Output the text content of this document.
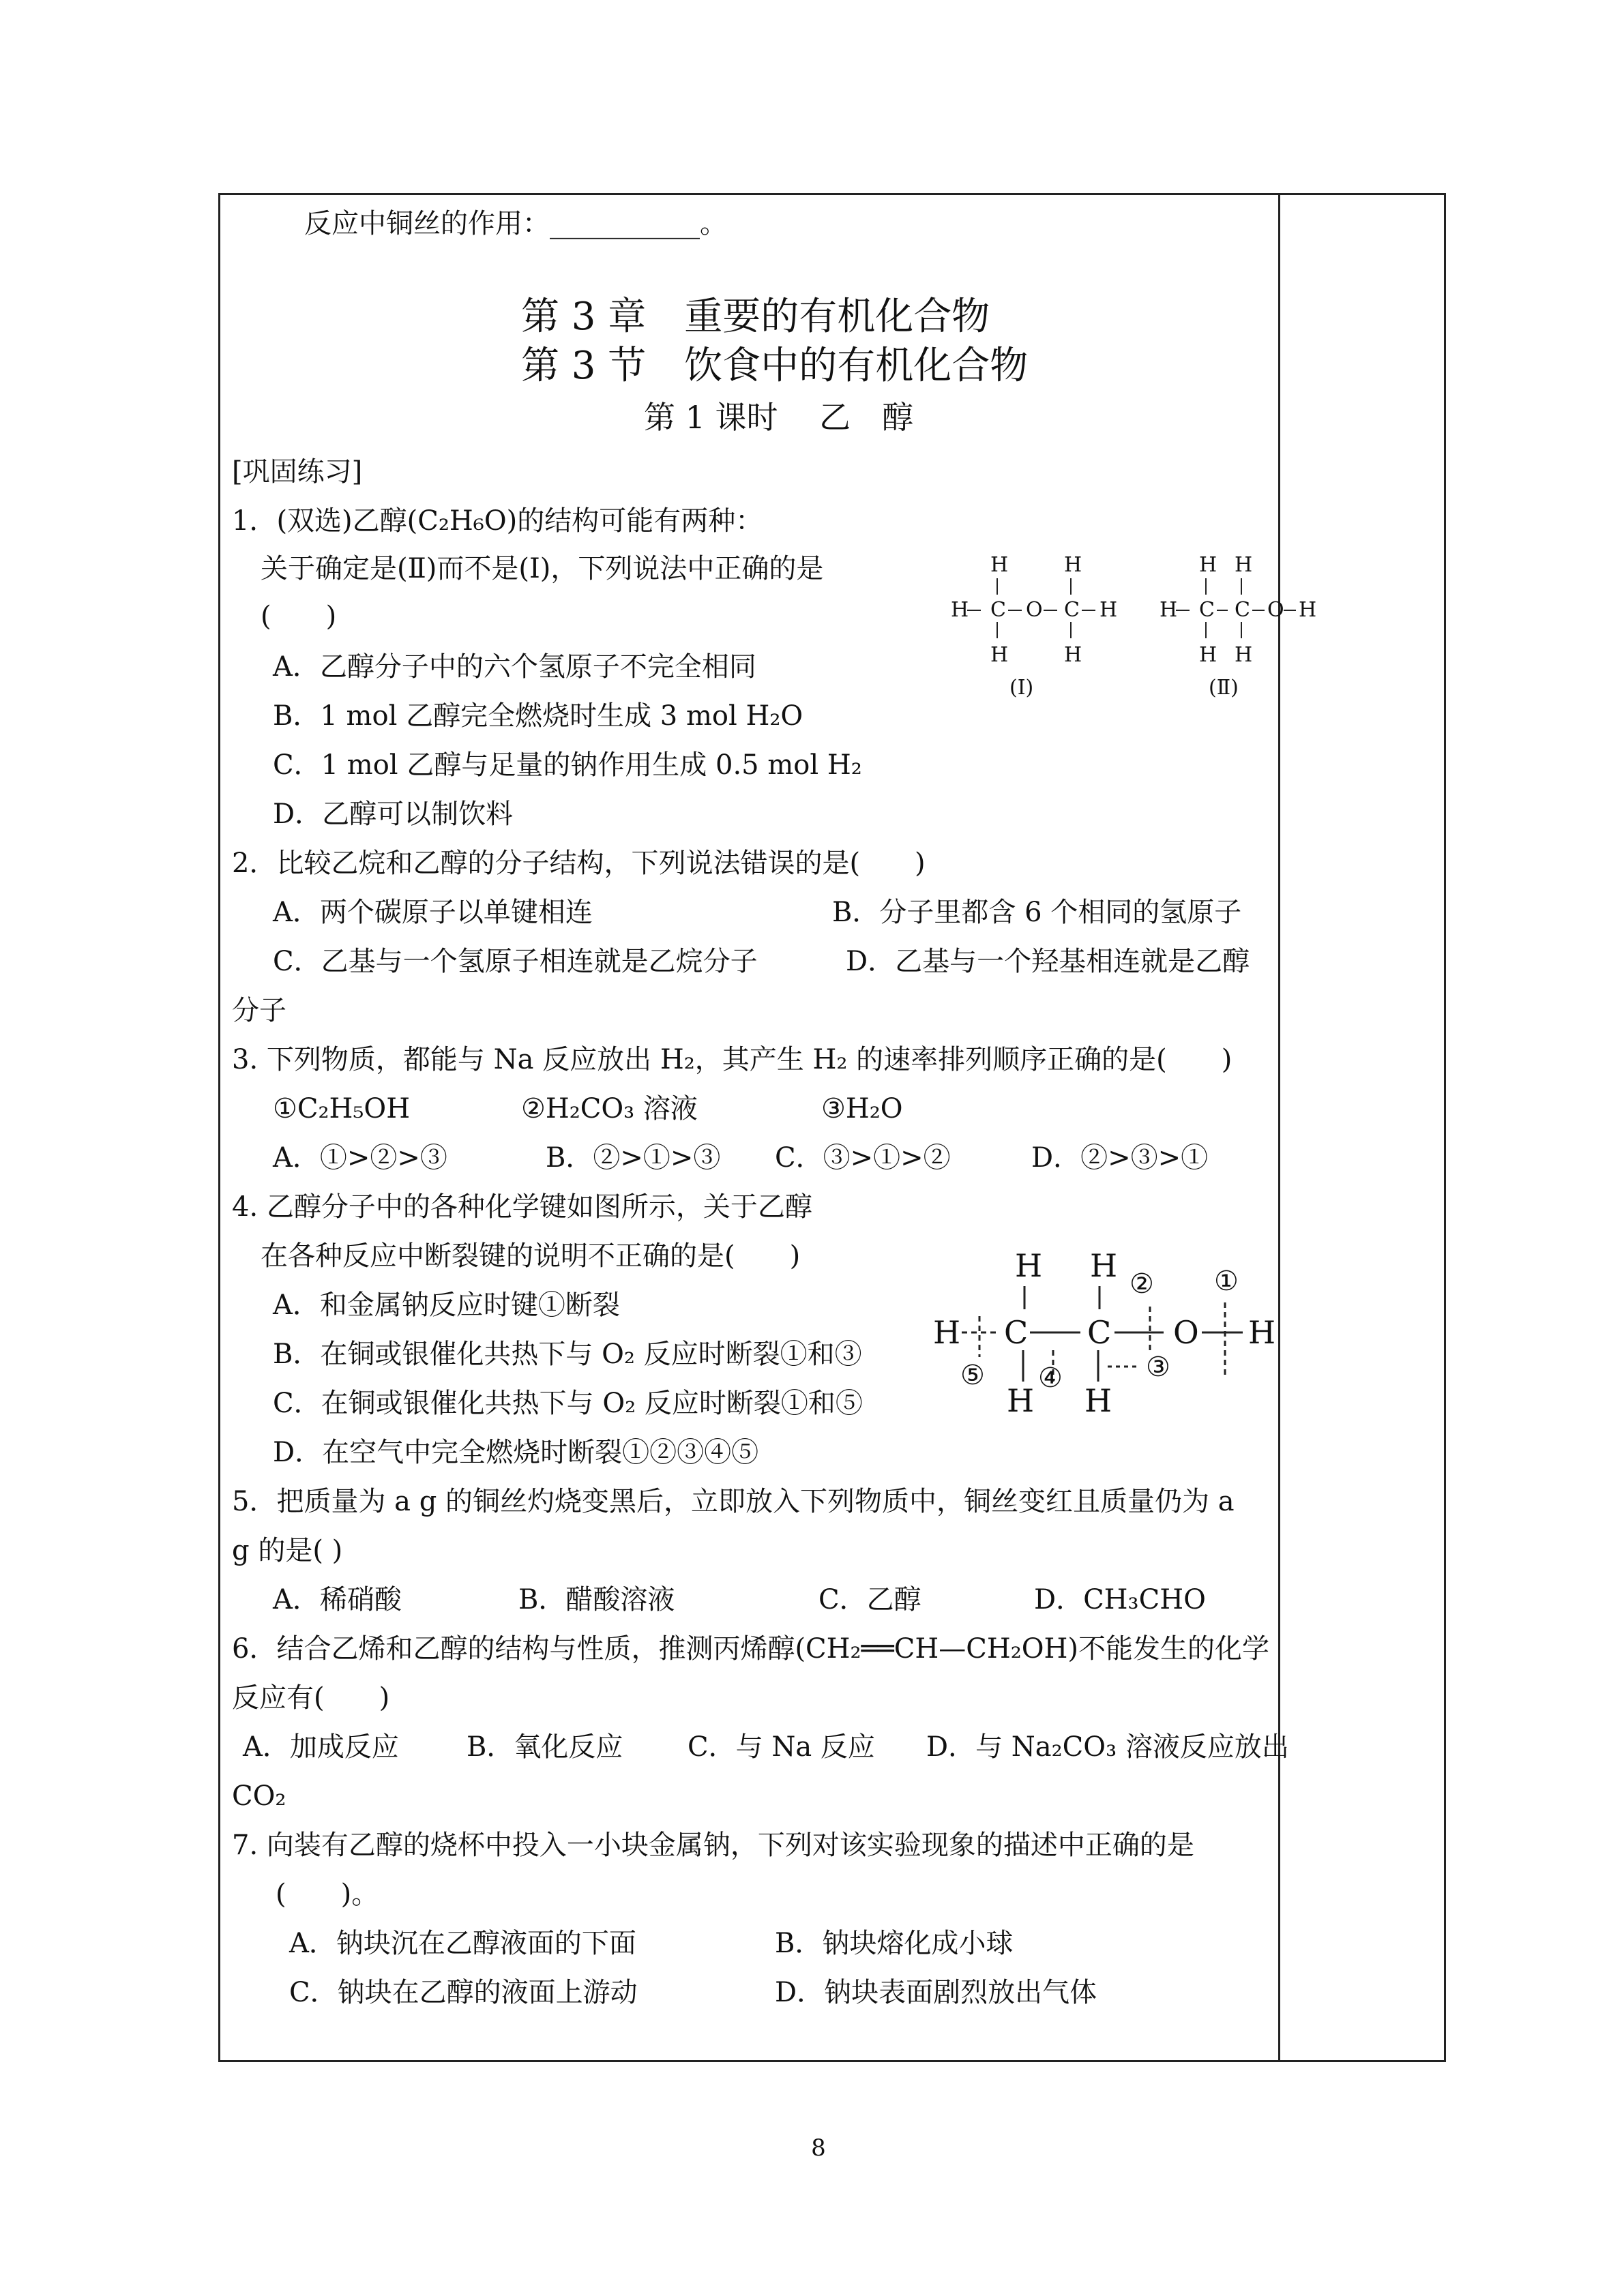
反应中铜丝的作用：___________。
第 3 章　重要的有机化合物
第 3 节　饮食中的有机化合物
第 1 课时　 乙　醇
[巩固练习]
1．(双选)乙醇(C₂H₆O)的结构可能有两种：
关于确定是(Ⅱ)而不是(Ⅰ)，下列说法中正确的是
(　　)
A．乙醇分子中的六个氢原子不完全相同
B．1 mol 乙醇完全燃烧时生成 3 mol H₂O
C．1 mol 乙醇与足量的钠作用生成 0.5 mol H₂
D．乙醇可以制饮料
H	H
H C O C H
H	H
(Ⅰ)
H H
H C C O H
H H
(Ⅱ)
2．比较乙烷和乙醇的分子结构，下列说法错误的是(　　)
A．两个碳原子以单键相连	B．分子里都含 6 个相同的氢原子
C．乙基与一个氢原子相连就是乙烷分子	D．乙基与一个羟基相连就是乙醇
分子
3. 下列物质，都能与 Na 反应放出 H₂，其产生 H₂ 的速率排列顺序正确的是(　　)
①C₂H₅OH	②H₂CO₃ 溶液	③H₂O
A．①>②>③	B．②>①>③ C．③>①>②	D．②>③>①
4. 乙醇分子中的各种化学键如图所示，关于乙醇
在各种反应中断裂键的说明不正确的是(　　)
A．和金属钠反应时键①断裂
B．在铜或银催化共热下与 O₂ 反应时断裂①和③
C．在铜或银催化共热下与 O₂ 反应时断裂①和⑤
D．在空气中完全燃烧时断裂①②③④⑤
H H
H C C O H
H H
①
②
③
④
⑤
5．把质量为 a g 的铜丝灼烧变黑后，立即放入下列物质中，铜丝变红且质量仍为 a
g 的是( )
A．稀硝酸	B．醋酸溶液	C．乙醇	D．CH₃CHO
6．结合乙烯和乙醇的结构与性质，推测丙烯醇(CH₂══CH—CH₂OH)不能发生的化学
反应有(　　)
A．加成反应 B．氧化反应 C．与 Na 反应 D．与 Na₂CO₃ 溶液反应放出
CO₂
7. 向装有乙醇的烧杯中投入一小块金属钠，下列对该实验现象的描述中正确的是
(　　)。
A．钠块沉在乙醇液面的下面	B．钠块熔化成小球
C．钠块在乙醇的液面上游动	D．钠块表面剧烈放出气体
8
